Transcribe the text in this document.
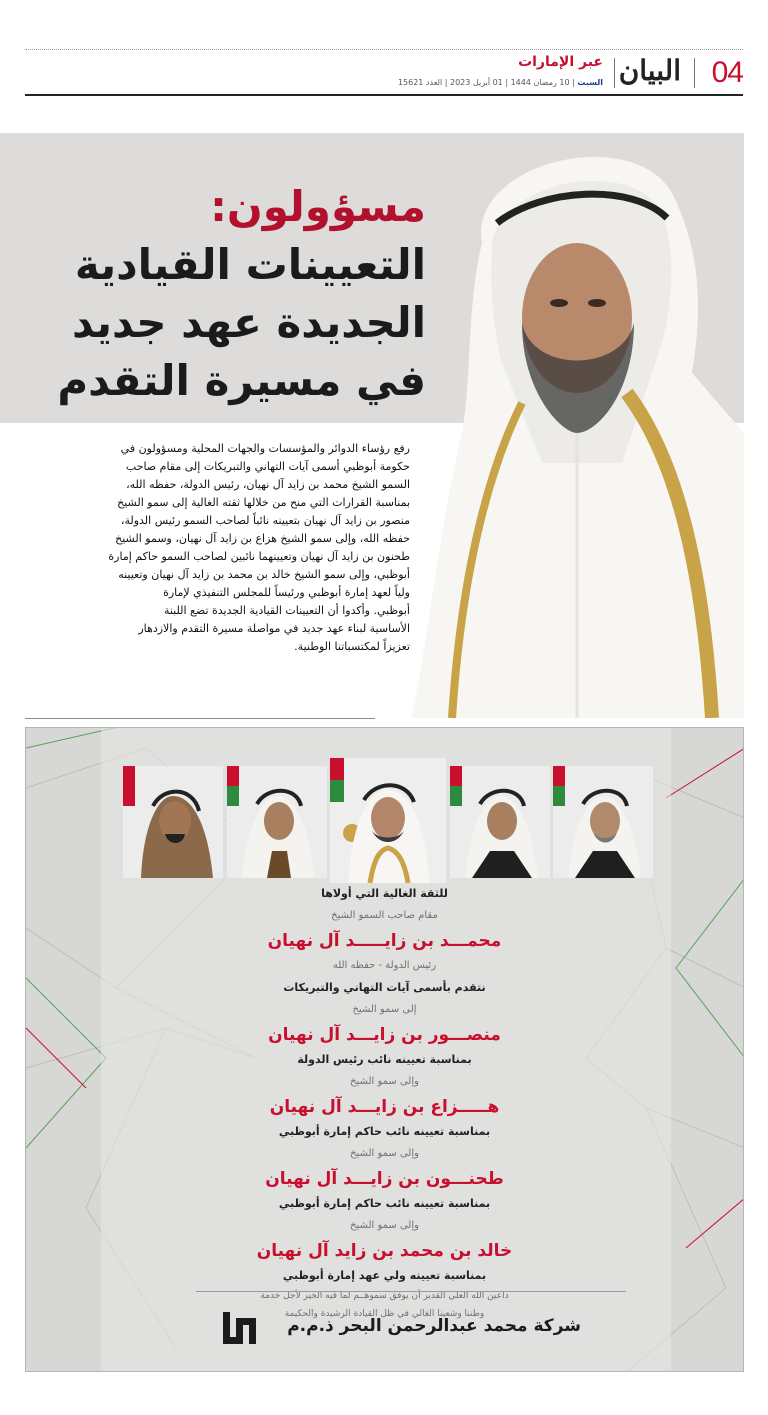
04
البيان
عبر الإمارات
السبت | 10 رمضان 1444 | 01 أبريل 2023 | العدد 15621
مسؤولون:
التعيينات القيادية
الجديدة عهد جديد
في مسيرة التقدم
رفع رؤساء الدوائر والمؤسسات والجهات المحلية ومسؤولون في
حكومة أبوظبي أسمى آيات التهاني والتبريكات إلى مقام صاحب
السمو الشيخ محمد بن زايد آل نهيان، رئيس الدولة، حفظه الله،
بمناسبة القرارات التي منح من خلالها ثقته الغالية إلى سمو الشيخ
منصور بن زايد آل نهيان بتعيينه نائباً لصاحب السمو رئيس الدولة،
حفظه الله، وإلى سمو الشيخ هزاع بن زايد آل نهيان، وسمو الشيخ
طحنون بن زايد آل نهيان وتعيينهما نائبين لصاحب السمو حاكم إمارة
أبوظبي، وإلى سمو الشيخ خالد بن محمد بن زايد آل نهيان وتعيينه
ولياً لعهد إمارة أبوظبي ورئيساً للمجلس التنفيذي لإمارة
أبوظبي. وأكدوا أن التعيينات القيادية الجديدة تضع اللبنة
الأساسية لبناء عهد جديد في مواصلة مسيرة التقدم والازدهار
تعزيزاً لمكتسباتنا الوطنية.
للثقة الغالية التي أولاها
مقام صاحب السمو الشيخ
محمـــد بن زايـــــد آل نهيان
رئيس الدولة - حفظه الله
نتقدم بأسمى آيات التهاني والتبريكات
إلى سمو الشيخ
منصـــور بن زايـــد آل نهيان
بمناسبة تعيينه نائب رئيس الدولة
وإلى سمو الشيخ
هـــــزاع بن زايـــد آل نهيان
بمناسبة تعيينه نائب حاكم إمارة أبوظبي
وإلى سمو الشيخ
طحنـــون بن زايـــد آل نهيان
بمناسبة تعيينه نائب حاكم إمارة أبوظبي
وإلى سمو الشيخ
خالد بن محمد بن زايد آل نهيان
بمناسبة تعيينه ولي عهد إمارة أبوظبي
داعين الله العلي القدير أن يوفق سموهــم لما فيه الخير لأجل خدمة
وطننا وشعبنا الغالي في ظل القيادة الرشيدة والحكيمة
شركة محمد عبدالرحمن البحر ذ.م.م
